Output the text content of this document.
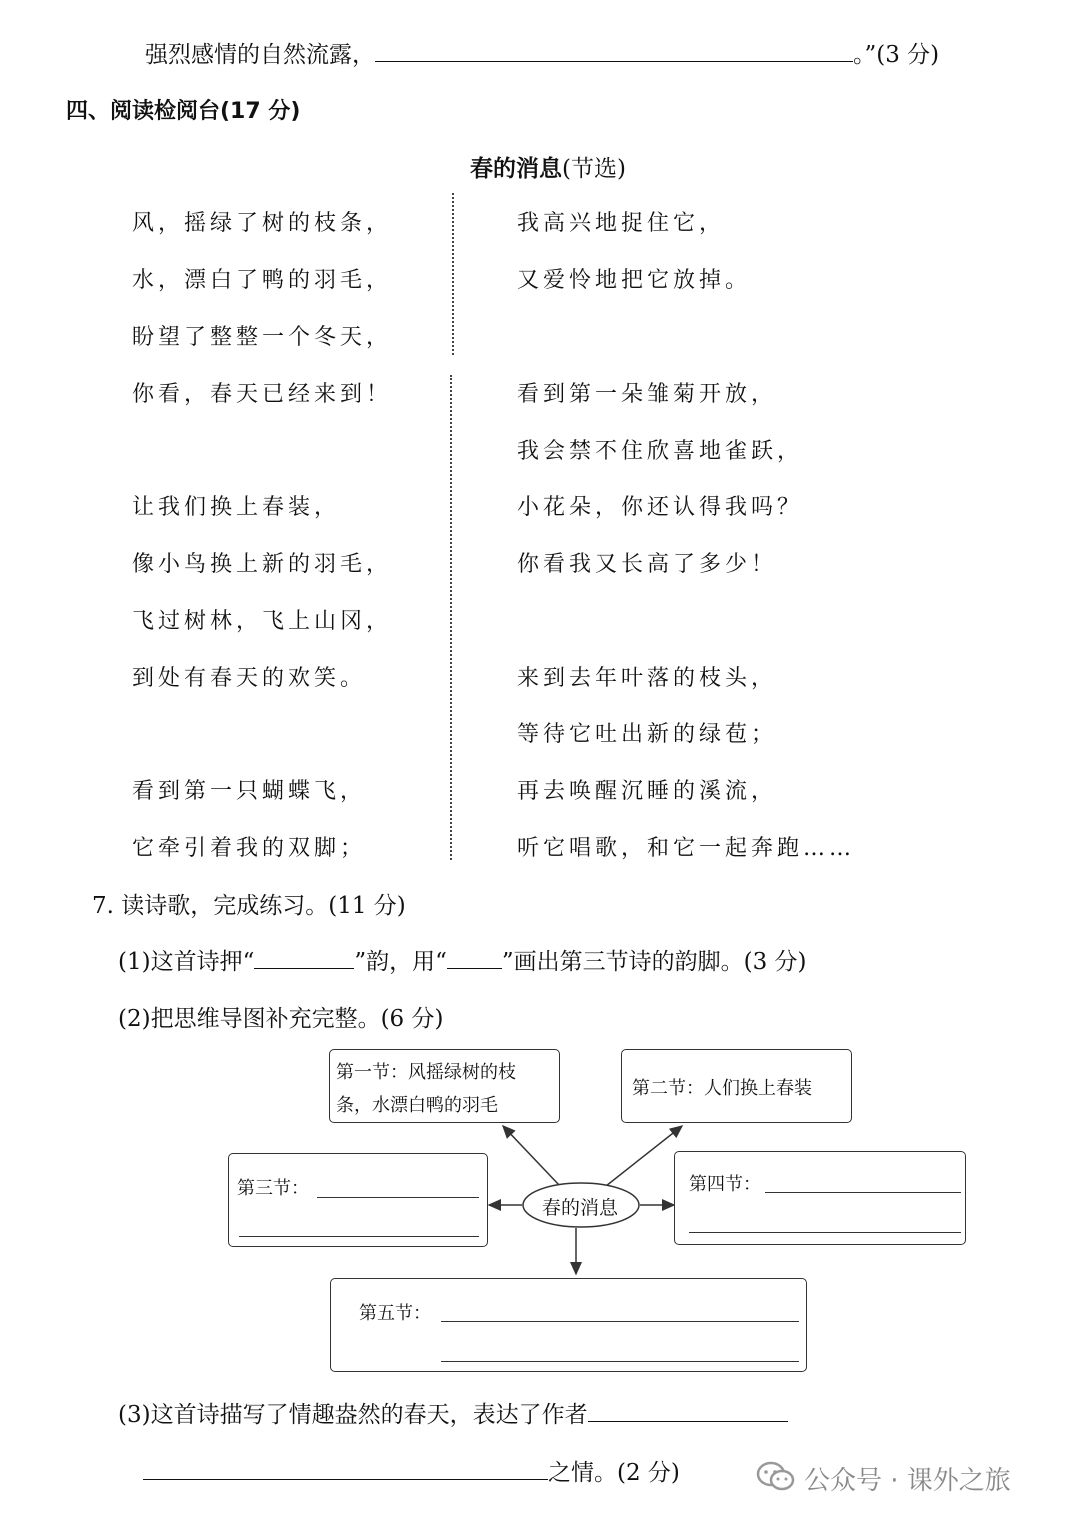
强烈感情的自然流露，	。”(3 分)
四、阅读检阅台(17 分)
春的消息(节选)
风，摇绿了树的枝条，
水，漂白了鸭的羽毛，
盼望了整整一个冬天，
你看，春天已经来到！
让我们换上春装，
像小鸟换上新的羽毛，
飞过树林，飞上山冈，
到处有春天的欢笑。
看到第一只蝴蝶飞，
它牵引着我的双脚；
我高兴地捉住它，
又爱怜地把它放掉。
看到第一朵雏菊开放，
我会禁不住欣喜地雀跃，
小花朵，你还认得我吗？
你看我又长高了多少！
来到去年叶落的枝头，
等待它吐出新的绿苞；
再去唤醒沉睡的溪流，
听它唱歌，和它一起奔跑……
7. 读诗歌，完成练习。(11 分)
(1)这首诗押“	”韵，用“ ”画出第三节诗的韵脚。(3 分)
(2)把思维导图补充完整。(6 分)
春的消息
第一节：风摇绿树的枝
条，水漂白鸭的羽毛
第二节：人们换上春装
第三节：	第四节：
第五节：
(3)这首诗描写了情趣盎然的春天，表达了作者
之情。(2 分)	公众号 · 课外之旅
